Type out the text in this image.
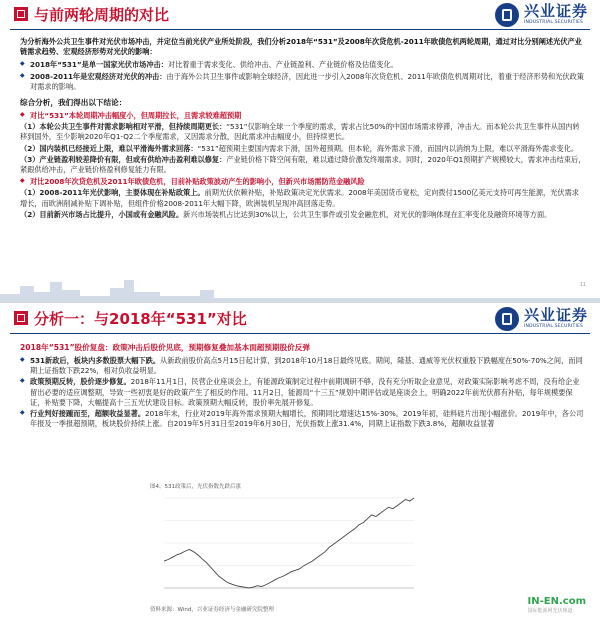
与前两轮周期的对比	兴业证券
INDUSTRIAL SECURITIES
为分析海外公共卫生事件对光伏市场冲击，并定位当前光伏产业所处阶段，我们分析2018年“531”及2008年次贷危机-2011年欧债危机两轮周期，通过对比分别阐述光伏产业链需求趋势、宏观经济形势对光伏的影响：
◆ 2018年“531”是单一国家光伏市场冲击：对比着重于需求变化、供给冲击、产业链盈利、产业链价格及估值变化。
◆ 2008-2011年是宏观经济对光伏的冲击：由于海外公共卫生事件或影响全球经济，因此进一步引入2008年次贷危机、2011年欧债危机周期对比，着重于经济形势和光伏政策对需求的影响。
综合分析，我们得出以下结论：
◆ 对比“531”本轮周期冲击幅度小，但周期拉长，且需求较难超预期
（1）本轮公共卫生事件对需求影响相对平滑，但持续周期更长：“531”仅影响全球一个季度的需求，需求占比50%的中国市场需求停滞，冲击大。而本轮公共卫生事件从国内转移到国外，至少影响2020年Q1-Q2二个季度需求，又因需求分散，因此需求冲击幅度小，但持续更长。
（2）国内装机已经接近上限，难以平滑海外需求回落：“531”超预期主要国内需求下滑，国外超预期。但本轮，海外需求下滑，而国内以消纳为上限，难以平滑海外需求变化。
（3）产业链盈利较差降价有限，但或有供给冲击盈利难以修复：产业链价格下降空间有限，难以通过降价激发终端需求。同时，2020年Q1预期扩产规模较大，需求冲击结束后，紧跟供给冲击，产业链价格盈利修复能力有限。
◆ 对比2008年次贷危机及2011年欧债危机，目前补贴政策波动产生的影响小，但新兴市场需防范金融风险
（1）2008-2011年光伏影响，主要体现在补贴政策上。前期光伏依赖补贴，补贴政策决定光伏需求。2008年美国货币宽松，定向拨付1500亿美元支持可再生能源，光伏需求增长，而欧洲削减补贴下调补贴，但组件价格2008-2011年大幅下降，欧洲装机呈现冲高回落走势。
（2）目前新兴市场占比提升，小国或有金融风险。新兴市场装机占比达到30%以上，公共卫生事件或引发金融危机，对光伏的影响体现在汇率变化及融资环境等方面。
11
分析一：与2018年“531”对比	兴业证券
INDUSTRIAL SECURITIES
2018年“531”股价复盘：政策冲击后股价见底，预期修复叠加基本面超预期股价反弹
◆ 531新政后，板块内多数股票大幅下跌。从新政前股价高点5月15日起计算，到2018年10月18日最终见底。期间，隆基、通威等光伏权重股下跌幅度在50%-70%之间，而同期上证指数下跌22%，相对负收益明显。
◆ 政策预期反转，股价逐步修复。2018年11月1日，民营企业座谈会上，有能源政策制定过程中前期调研不够，没有充分听取企业意见，对政策实际影响考虑不周，没有给企业留出必要的适应调整期，导致一些初衷是好的政策产生了相反的作用。11月2日，能源局“十三五”规划中期评估或是座谈会上，明确2022年前光伏都有补贴，每年规模要保证，补贴要下降，大幅提高十三五光伏建设目标。政策预期大幅反转，股价率先展开修复。
◆ 行业判好接踵而至，超额收益显著。2018年末，行业对2019年海外需求预期大幅增长，预期同比增速达15%-30%。2019年初，硅料硅片出现小幅涨价。2019年中，各公司年报及一季报超预期，板块股价持续上涨。自2019年5月31日至2019年6月30日，光伏指数上涨31.4%，同期上证指数下跌3.8%，超额收益显著
图4、531政策后，光伏指数先跌后涨
资料来源：Wind，兴业证券经济与金融研究院整理
IN-EN.com
国际能源网光伏频道
